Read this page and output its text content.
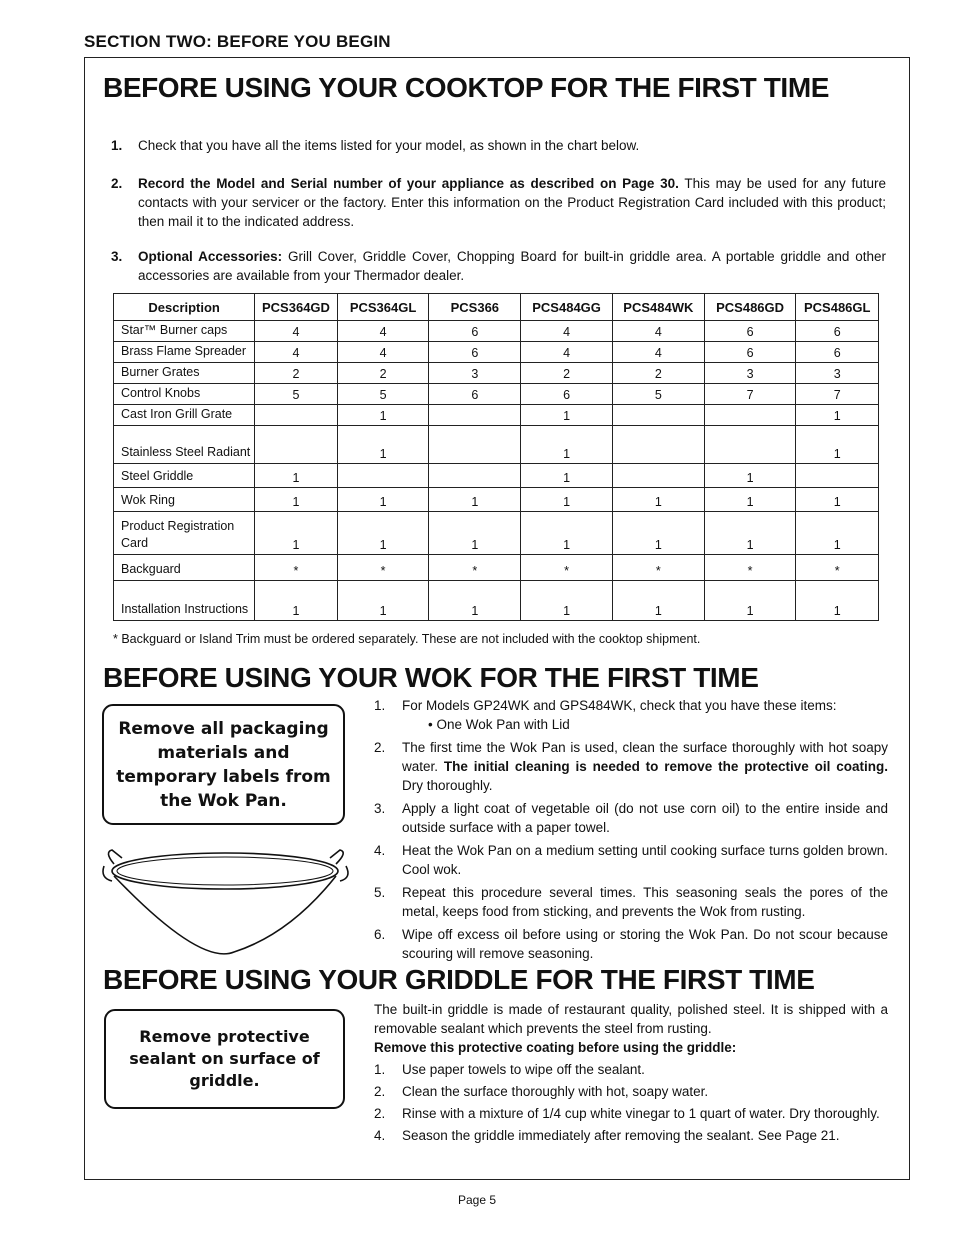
SECTION TWO: BEFORE YOU BEGIN
BEFORE USING YOUR COOKTOP FOR THE FIRST TIME
1. Check that you have all the items listed for your model, as shown in the chart below.
2. Record the Model and Serial number of your appliance as described on Page 30. This may be used for any future contacts with your servicer or the factory. Enter this information on the Product Registration Card included with this product; then mail it to the indicated address.
3. Optional Accessories: Grill Cover, Griddle Cover, Chopping Board for built-in griddle area. A portable griddle and other accessories are available from your Thermador dealer.
Description	PCS364GD	PCS364GL	PCS366	PCS484GG	PCS484WK	PCS486GD	PCS486GL
Star™ Burner caps	4	4	6	4	4	6	6
Brass Flame Spreader	4	4	6	4	4	6	6
Burner Grates	2	2	3	2	2	3	3
Control Knobs	5	5	6	6	5	7	7
Cast Iron Grill Grate		1		1			1
Stainless Steel Radiant		1		1			1
Steel Griddle	1			1		1	
Wok Ring	1	1	1	1	1	1	1
Product Registration Card	1	1	1	1	1	1	1
Backguard	*	*	*	*	*	*	*
Installation Instructions	1	1	1	1	1	1	1
* Backguard or Island Trim must be ordered separately. These are not included with the cooktop shipment.
BEFORE USING YOUR WOK FOR THE FIRST TIME
Remove all packaging materials and temporary labels from the Wok Pan.
1. For Models GP24WK and GPS484WK, check that you have these items:
• One Wok Pan with Lid
2. The first time the Wok Pan is used, clean the surface thoroughly with hot soapy water. The initial cleaning is needed to remove the protective oil coating. Dry thoroughly.
3. Apply a light coat of vegetable oil (do not use corn oil) to the entire inside and outside surface with a paper towel.
4. Heat the Wok Pan on a medium setting until cooking surface turns golden brown. Cool wok.
5. Repeat this procedure several times. This seasoning seals the pores of the metal, keeps food from sticking, and prevents the Wok from rusting.
6. Wipe off excess oil before using or storing the Wok Pan. Do not scour because scouring will remove seasoning.
BEFORE USING YOUR GRIDDLE FOR THE FIRST TIME
Remove protective sealant on surface of griddle.
The built-in griddle is made of restaurant quality, polished steel. It is shipped with a removable sealant which prevents the steel from rusting.
Remove this protective coating before using the griddle:
1. Use paper towels to wipe off the sealant.
2. Clean the surface thoroughly with hot, soapy water.
2. Rinse with a mixture of 1/4 cup white vinegar to 1 quart of water. Dry thoroughly.
4. Season the griddle immediately after removing the sealant. See Page 21.
Page 5
